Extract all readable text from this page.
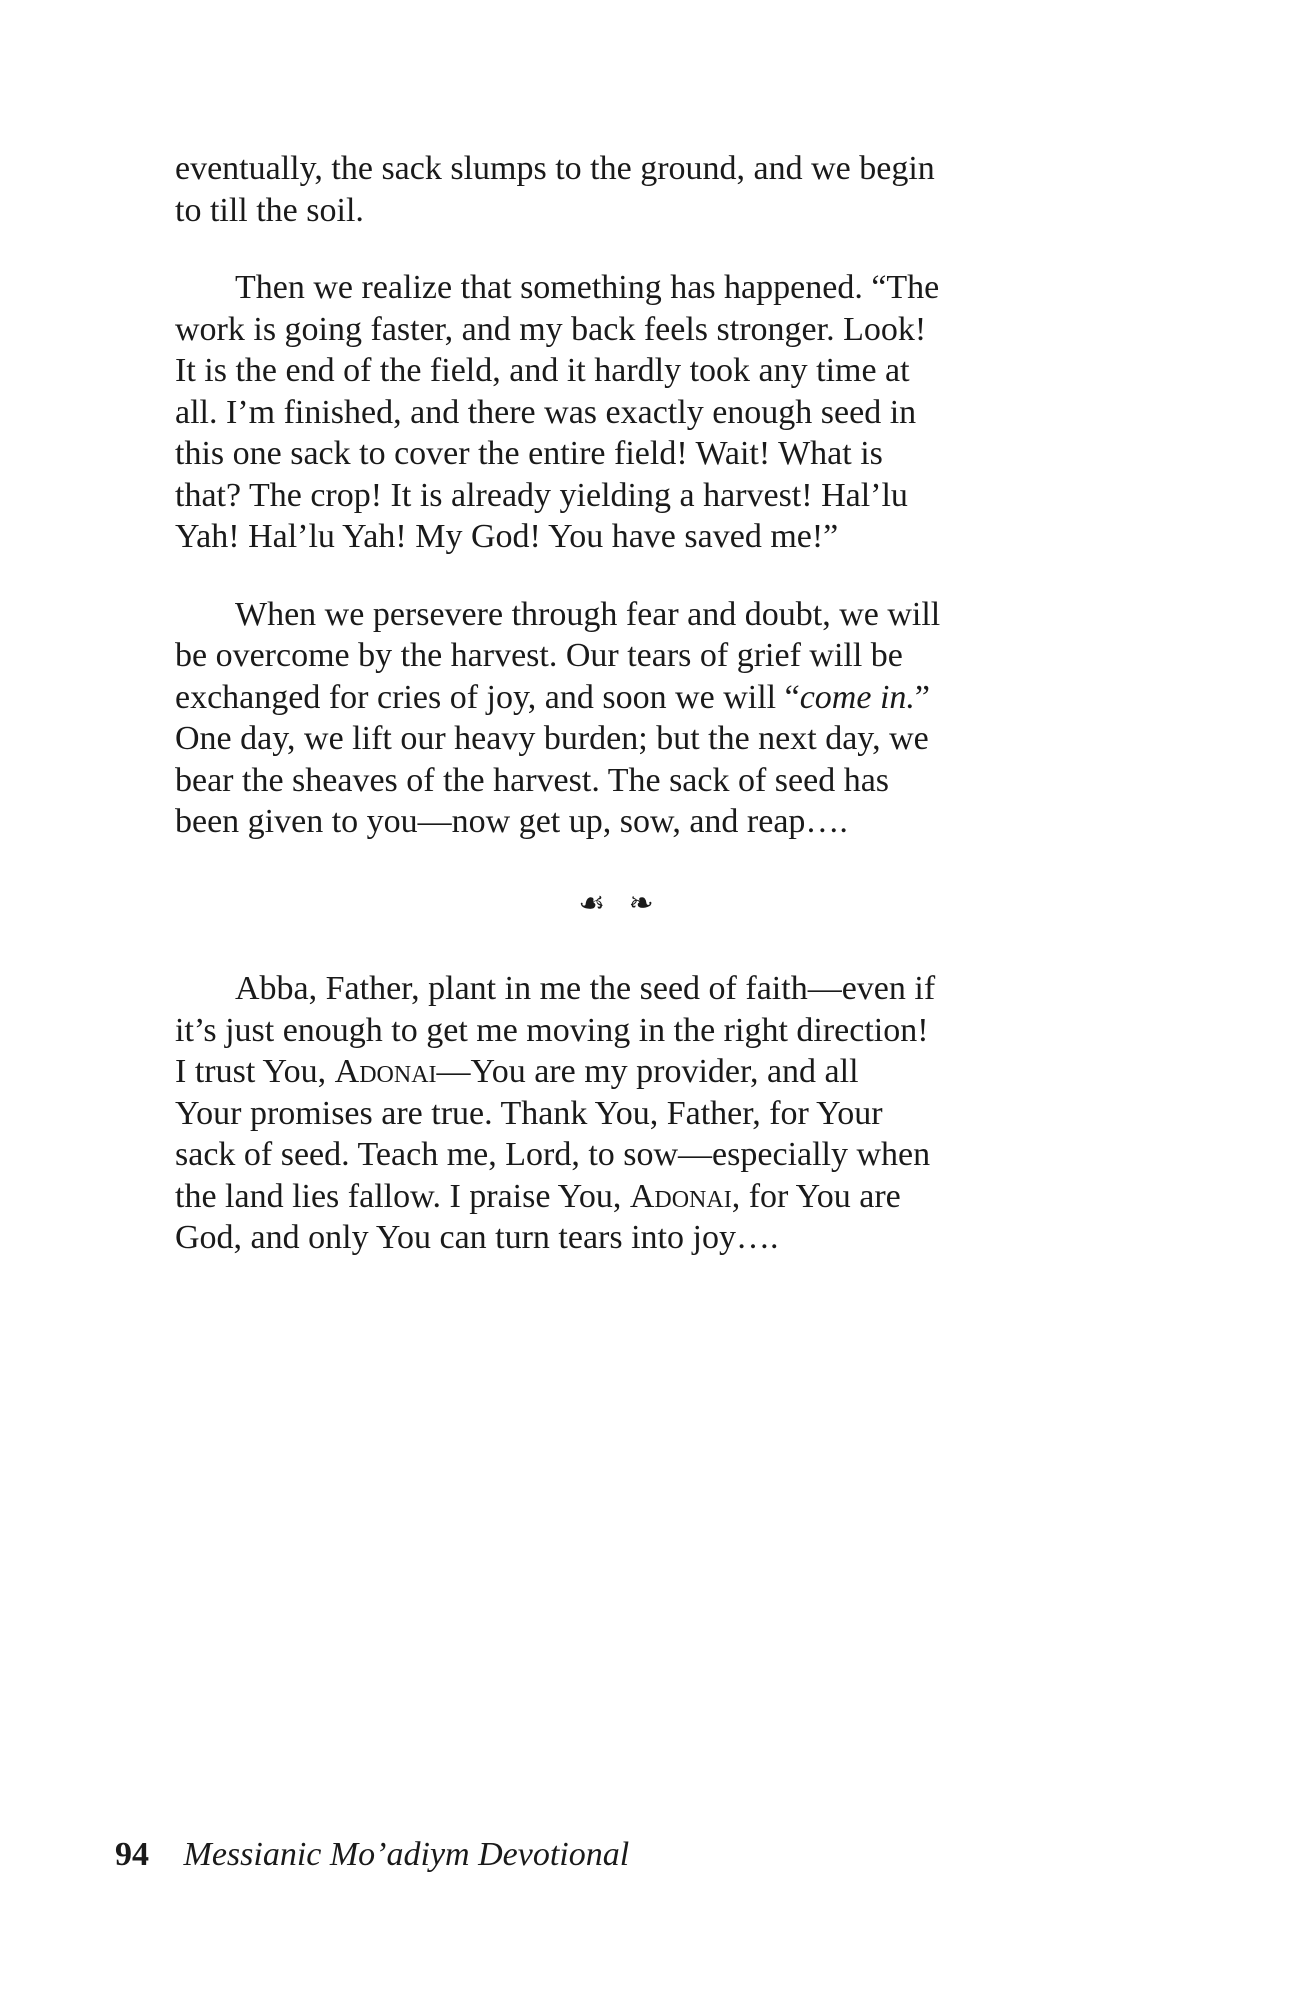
eventually, the sack slumps to the ground, and we begin
to till the soil.
Then we realize that something has happened. “The
work is going faster, and my back feels stronger. Look!
It is the end of the field, and it hardly took any time at
all. I’m finished, and there was exactly enough seed in
this one sack to cover the entire field! Wait! What is
that? The crop! It is already yielding a harvest! Hal’lu
Yah! Hal’lu Yah! My God! You have saved me!”
When we persevere through fear and doubt, we will
be overcome by the harvest. Our tears of grief will be
exchanged for cries of joy, and soon we will “come in.”
One day, we lift our heavy burden; but the next day, we
bear the sheaves of the harvest. The sack of seed has
been given to you—now get up, sow, and reap….
☙ ❧
Abba, Father, plant in me the seed of faith—even if
it’s just enough to get me moving in the right direction!
I trust You, Adonai—You are my provider, and all
Your promises are true. Thank You, Father, for Your
sack of seed. Teach me, Lord, to sow—especially when
the land lies fallow. I praise You, Adonai, for You are
God, and only You can turn tears into joy….
94 Messianic Mo’adiym Devotional
